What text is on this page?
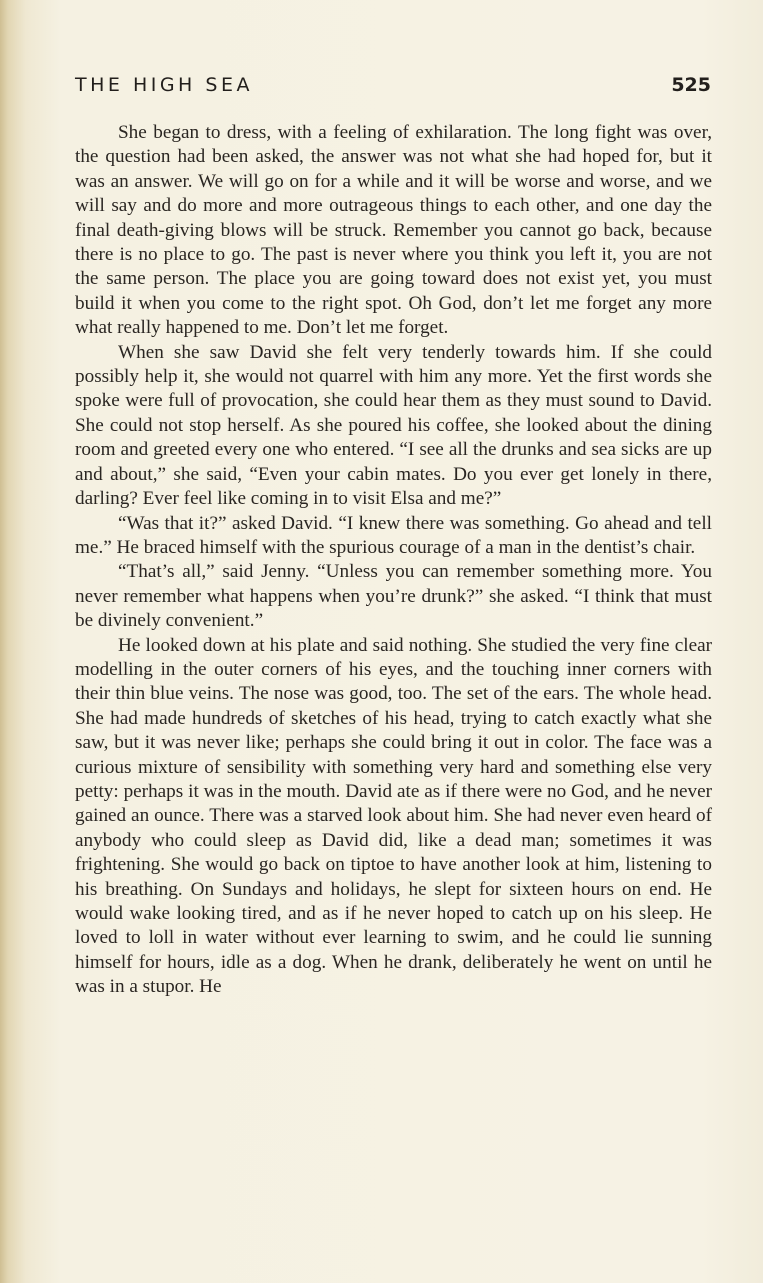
THE HIGH SEA	525

She began to dress, with a feeling of exhilaration. The long fight was over, the question had been asked, the answer was not what she had hoped for, but it was an answer. We will go on for a while and it will be worse and worse, and we will say and do more and more outrageous things to each other, and one day the final death-giving blows will be struck. Remember you cannot go back, because there is no place to go. The past is never where you think you left it, you are not the same person. The place you are going toward does not exist yet, you must build it when you come to the right spot. Oh God, don’t let me forget any more what really happened to me. Don’t let me forget.

When she saw David she felt very tenderly towards him. If she could possibly help it, she would not quarrel with him any more. Yet the first words she spoke were full of provocation, she could hear them as they must sound to David. She could not stop herself. As she poured his coffee, she looked about the dining room and greeted every one who entered. “I see all the drunks and sea sicks are up and about,” she said, “Even your cabin mates. Do you ever get lonely in there, darling? Ever feel like coming in to visit Elsa and me?”

“Was that it?” asked David. “I knew there was something. Go ahead and tell me.” He braced himself with the spurious courage of a man in the dentist’s chair.

“That’s all,” said Jenny. “Unless you can remember something more. You never remember what happens when you’re drunk?” she asked. “I think that must be divinely convenient.”

He looked down at his plate and said nothing. She studied the very fine clear modelling in the outer corners of his eyes, and the touching inner corners with their thin blue veins. The nose was good, too. The set of the ears. The whole head. She had made hundreds of sketches of his head, trying to catch exactly what she saw, but it was never like; perhaps she could bring it out in color. The face was a curious mixture of sensibility with something very hard and something else very petty: perhaps it was in the mouth. David ate as if there were no God, and he never gained an ounce. There was a starved look about him. She had never even heard of anybody who could sleep as David did, like a dead man; sometimes it was frightening. She would go back on tiptoe to have another look at him, listening to his breathing. On Sundays and holidays, he slept for sixteen hours on end. He would wake looking tired, and as if he never hoped to catch up on his sleep. He loved to loll in water without ever learning to swim, and he could lie sunning himself for hours, idle as a dog. When he drank, deliberately he went on until he was in a stupor. He
